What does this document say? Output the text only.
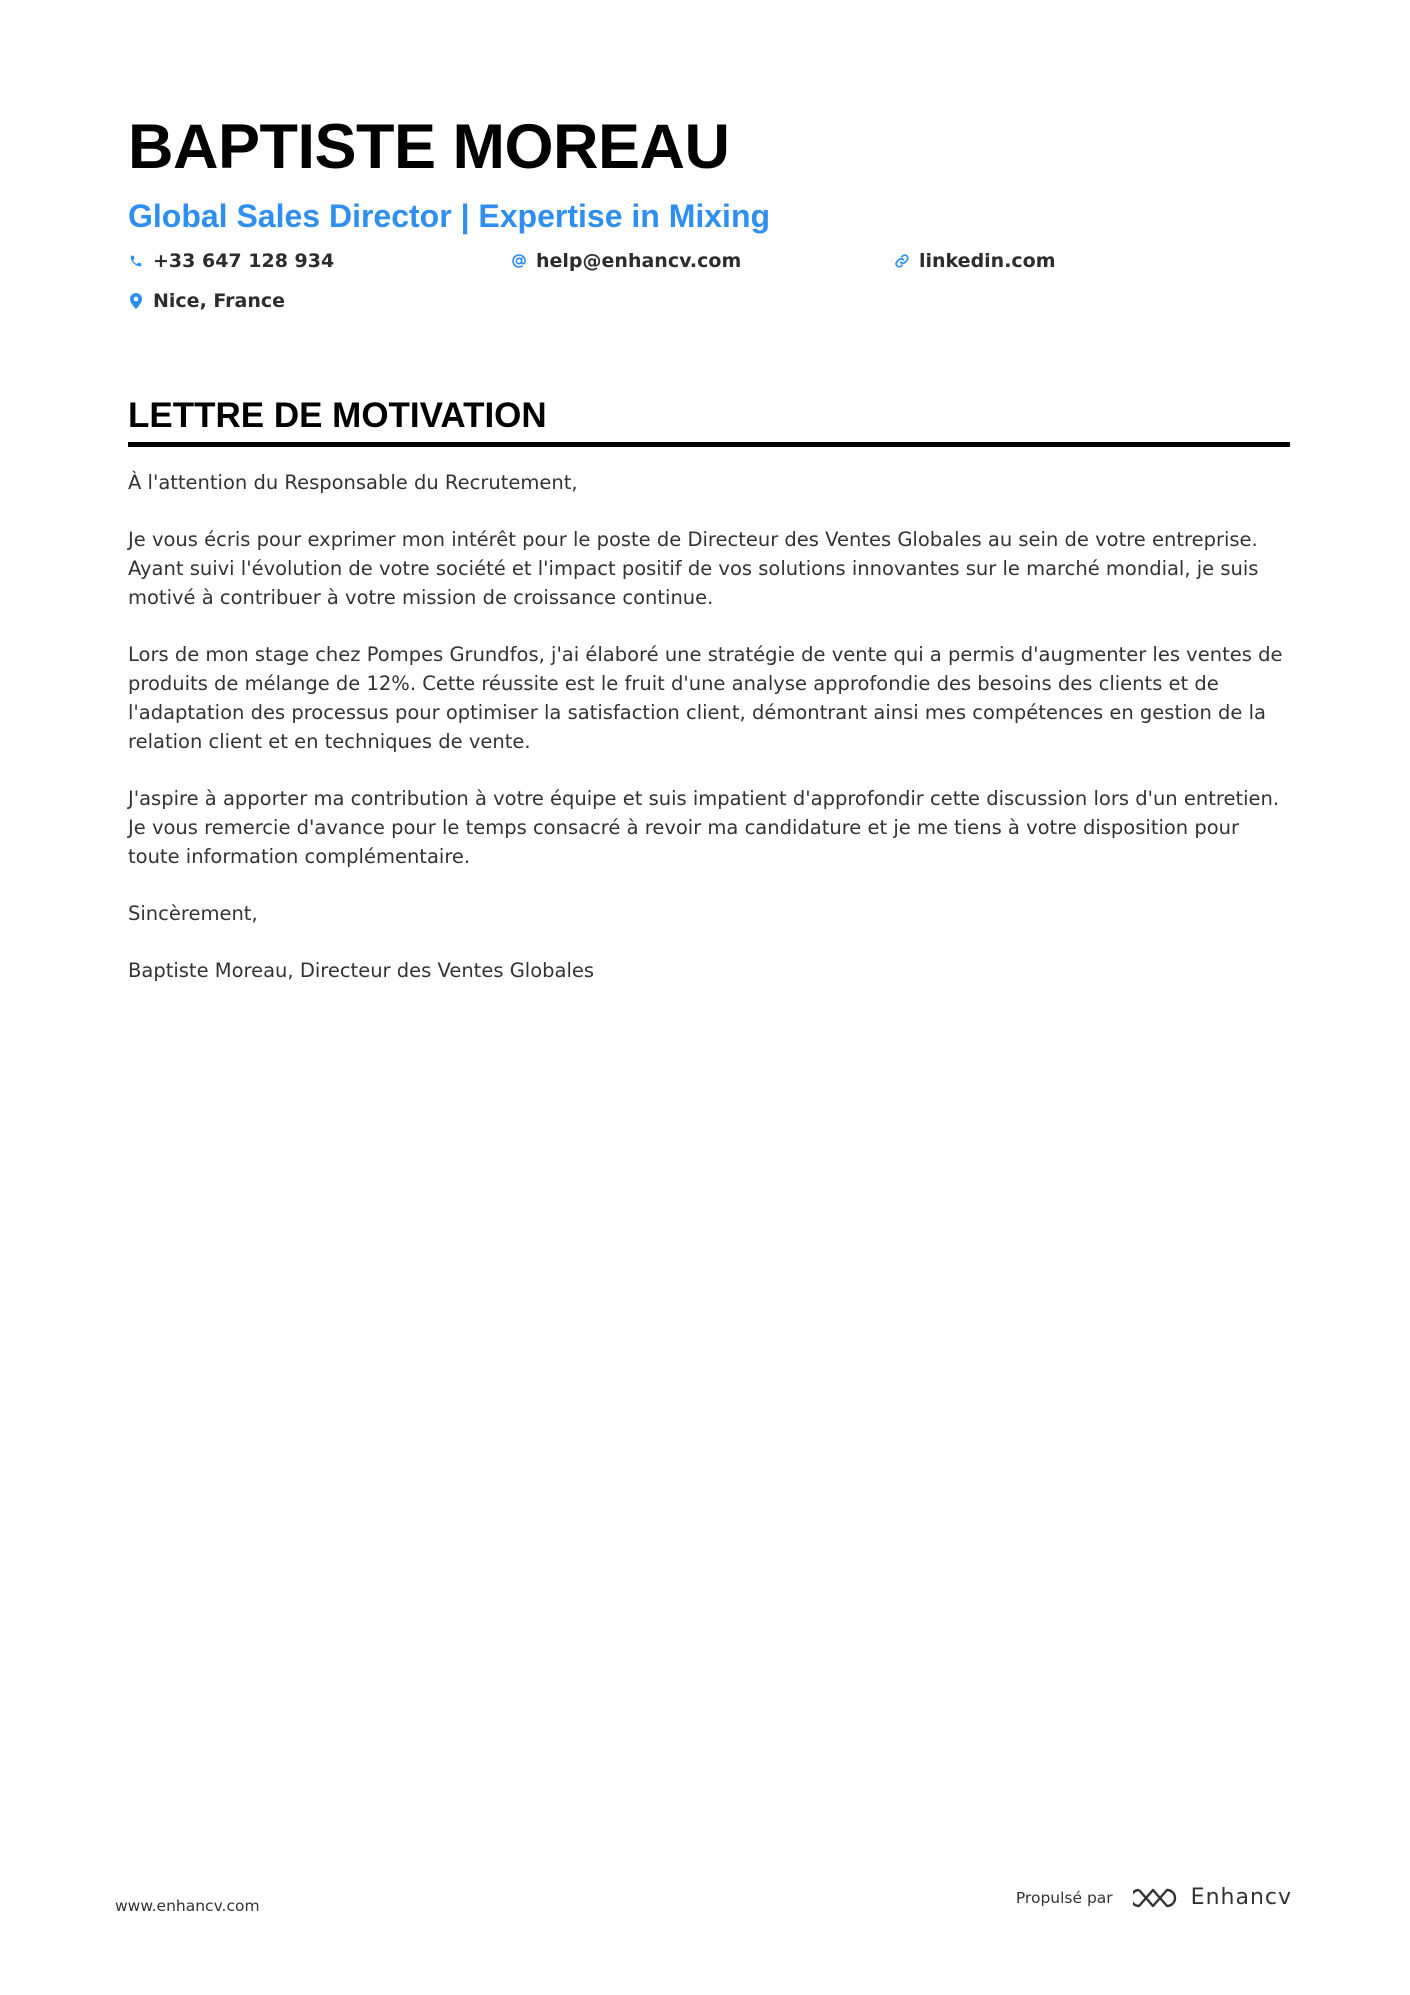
BAPTISTE MOREAU
Global Sales Director | Expertise in Mixing
+33 647 128 934	help@enhancv.com	linkedin.com
Nice, France
LETTRE DE MOTIVATION

À l'attention du Responsable du Recrutement,

Je vous écris pour exprimer mon intérêt pour le poste de Directeur des Ventes Globales au sein de votre entreprise. Ayant suivi l'évolution de votre société et l'impact positif de vos solutions innovantes sur le marché mondial, je suis motivé à contribuer à votre mission de croissance continue.

Lors de mon stage chez Pompes Grundfos, j'ai élaboré une stratégie de vente qui a permis d'augmenter les ventes de produits de mélange de 12%. Cette réussite est le fruit d'une analyse approfondie des besoins des clients et de l'adaptation des processus pour optimiser la satisfaction client, démontrant ainsi mes compétences en gestion de la relation client et en techniques de vente.

J'aspire à apporter ma contribution à votre équipe et suis impatient d'approfondir cette discussion lors d'un entretien. Je vous remercie d'avance pour le temps consacré à revoir ma candidature et je me tiens à votre disposition pour toute information complémentaire.

Sincèrement,

Baptiste Moreau, Directeur des Ventes Globales

www.enhancv.com	Propulsé par	Enhancv
